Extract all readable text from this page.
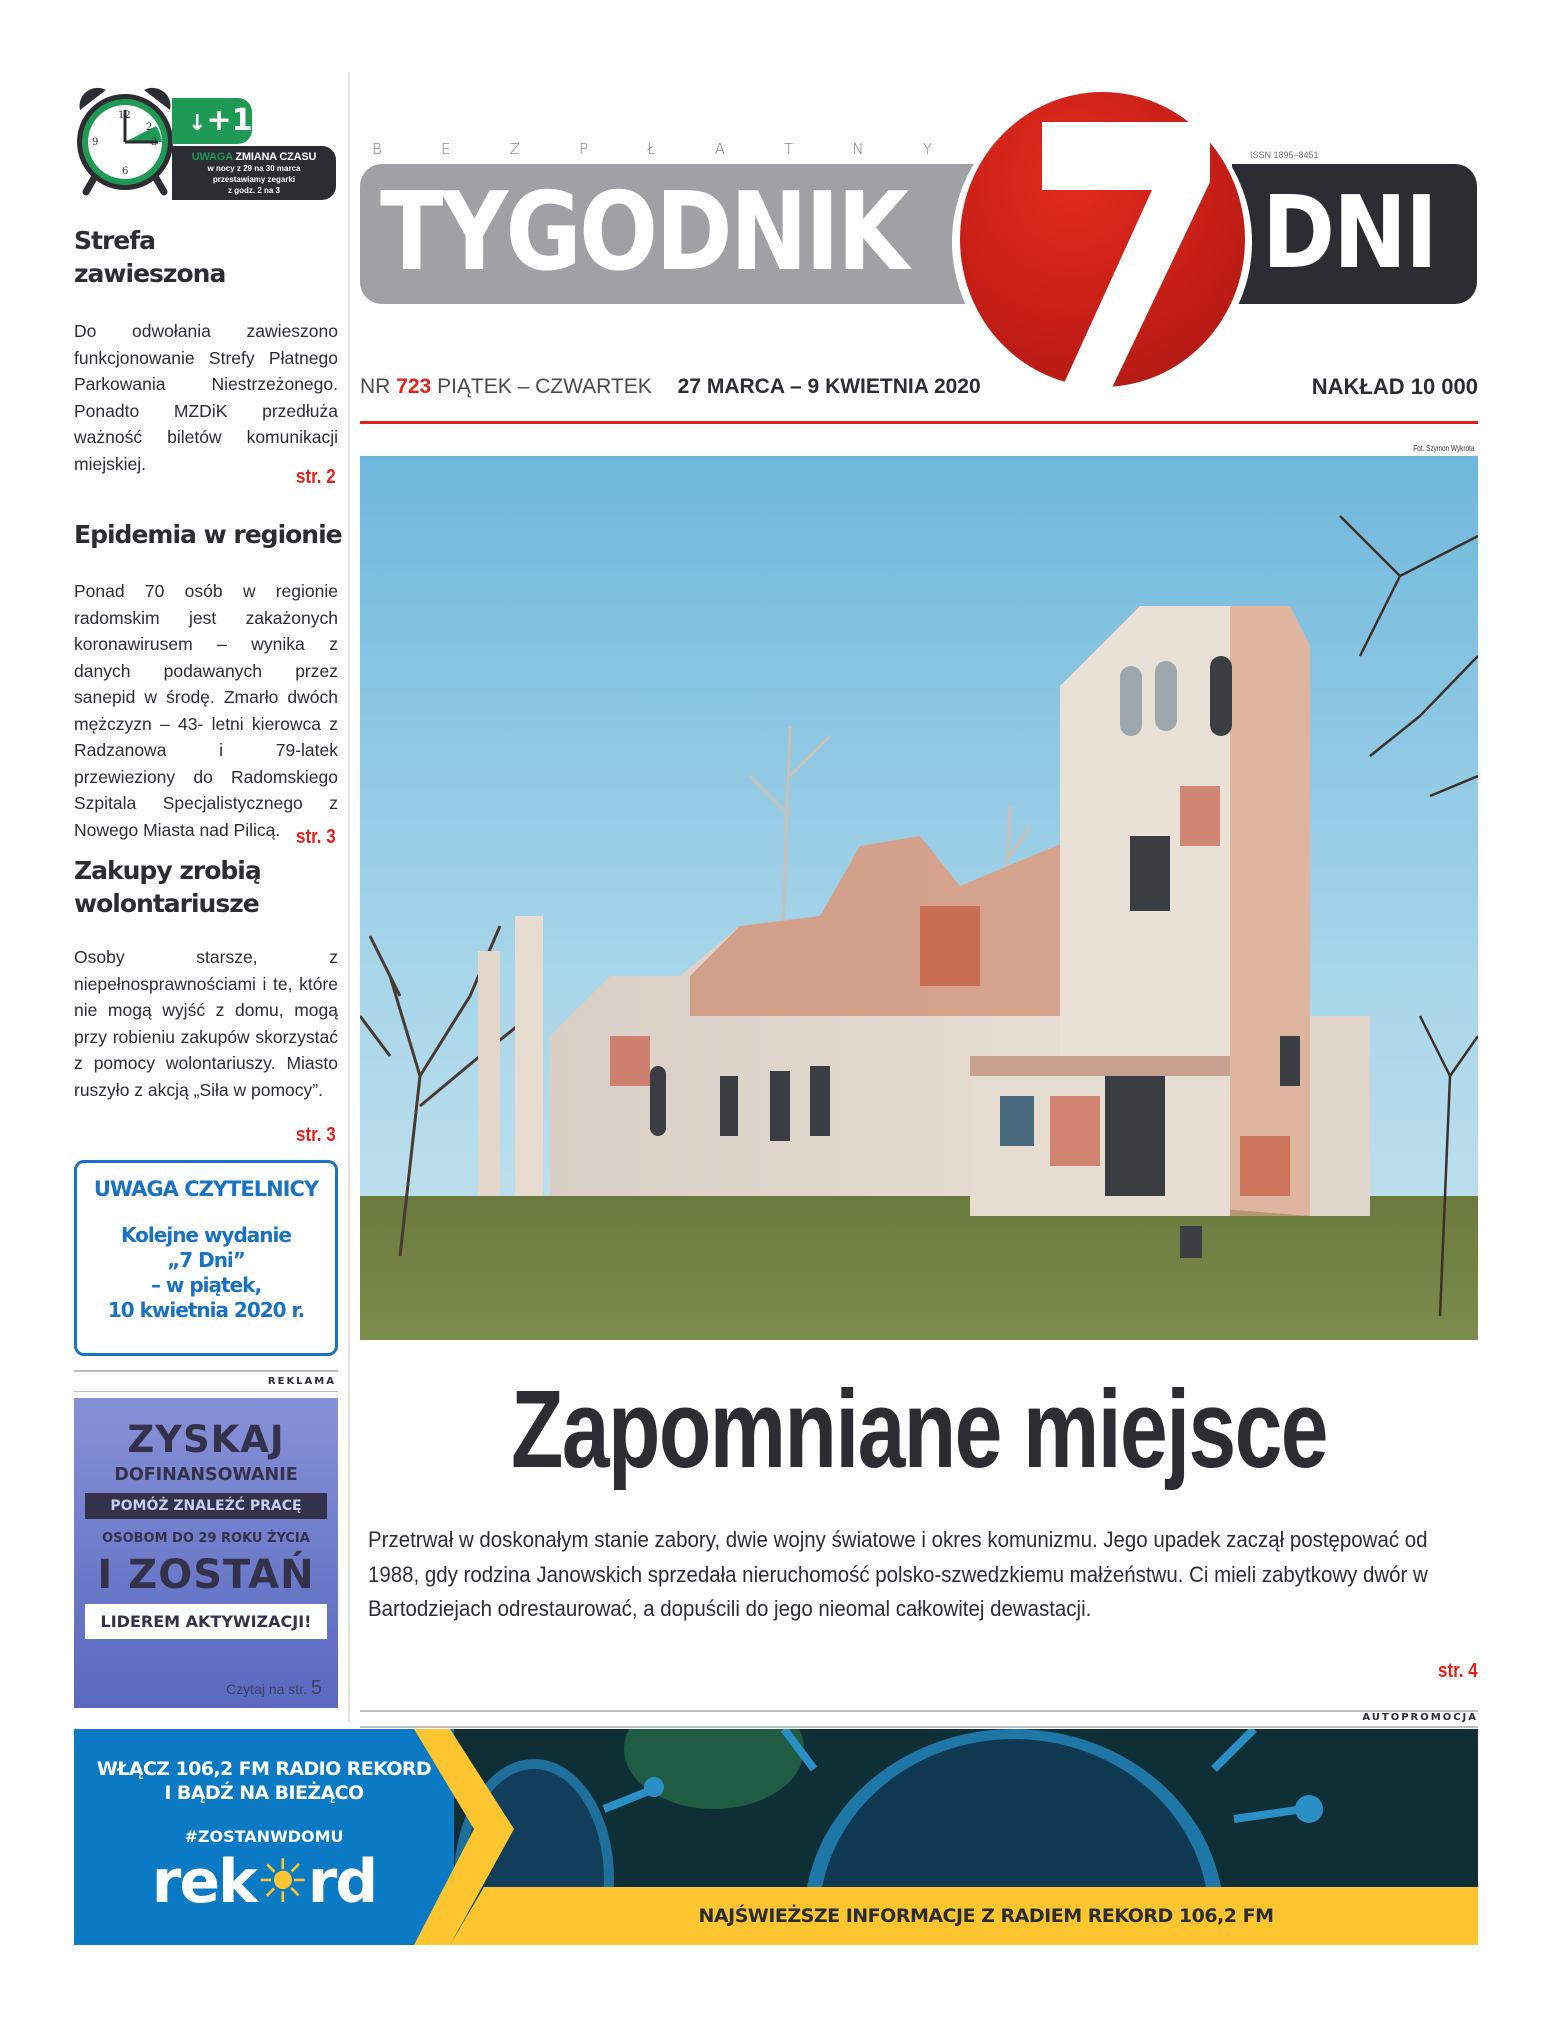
12
3
6
9
2	↓+1
UWAGA ZMIANA CZASU
w nocy z 29 na 30 marca
przestawiamy zegarki
z godz. 2 na 3
Strefa zawieszona
Do odwołania zawieszono funkcjonowanie Strefy Płatnego Parkowania Niestrzeżonego. Ponadto MZDiK przedłuża ważność biletów komunikacji miejskiej.
str. 2
Epidemia w regionie
Ponad 70 osób w regionie radomskim jest zakażonych koronawirusem – wynika z danych podawanych przez sanepid w środę. Zmarło dwóch mężczyzn – 43- letni kierowca z Radzanowa i 79-latek przewieziony do Radomskiego Szpitala Specjalistycznego z Nowego Miasta nad Pilicą. str. 3
Zakupy zrobią wolontariusze
Osoby starsze, z niepełnosprawnościami i te, które nie mogą wyjść z domu, mogą przy robieniu zakupów skorzystać z pomocy wolontariuszy. Miasto ruszyło z akcją „Siła w pomocy”.
str. 3
UWAGA CZYTELNICY
Kolejne wydanie
„7 Dni”
– w piątek,
10 kwietnia 2020 r.
REKLAMA
ZYSKAJ
DOFINANSOWANIE
POMÓŻ ZNALEŹĆ PRACĘ
OSOBOM DO 29 ROKU ŻYCIA
I ZOSTAŃ
LIDEREM AKTYWIZACJI!
Czytaj na str. 5
B	E	Z	P	Ł	A	T	N	Y
TYGODNIK	DNI
ISSN 1895–8451
NR 723 PIĄTEK – CZWARTEK 27 MARCA – 9 KWIETNIA 2020	NAKŁAD 10 000
Fot. Szymon Wykrota
Zapomniane miejsce
Przetrwał w doskonałym stanie zabory, dwie wojny światowe i okres komunizmu. Jego upadek zaczął postępować od 1988, gdy rodzina Janowskich sprzedała nieruchomość polsko-szwedzkiemu małżeństwu. Ci mieli zabytkowy dwór w Bartodziejach odrestaurować, a dopuścili do jego nieomal całkowitej dewastacji.
str. 4
AUTOPROMOCJA
NAJŚWIEŻSZE INFORMACJE Z RADIEM REKORD 106,2 FM
WŁĄCZ 106,2 FM RADIO REKORD
I BĄDŹ NA BIEŻĄCO
#ZOSTANWDOMU
rek☀rd
